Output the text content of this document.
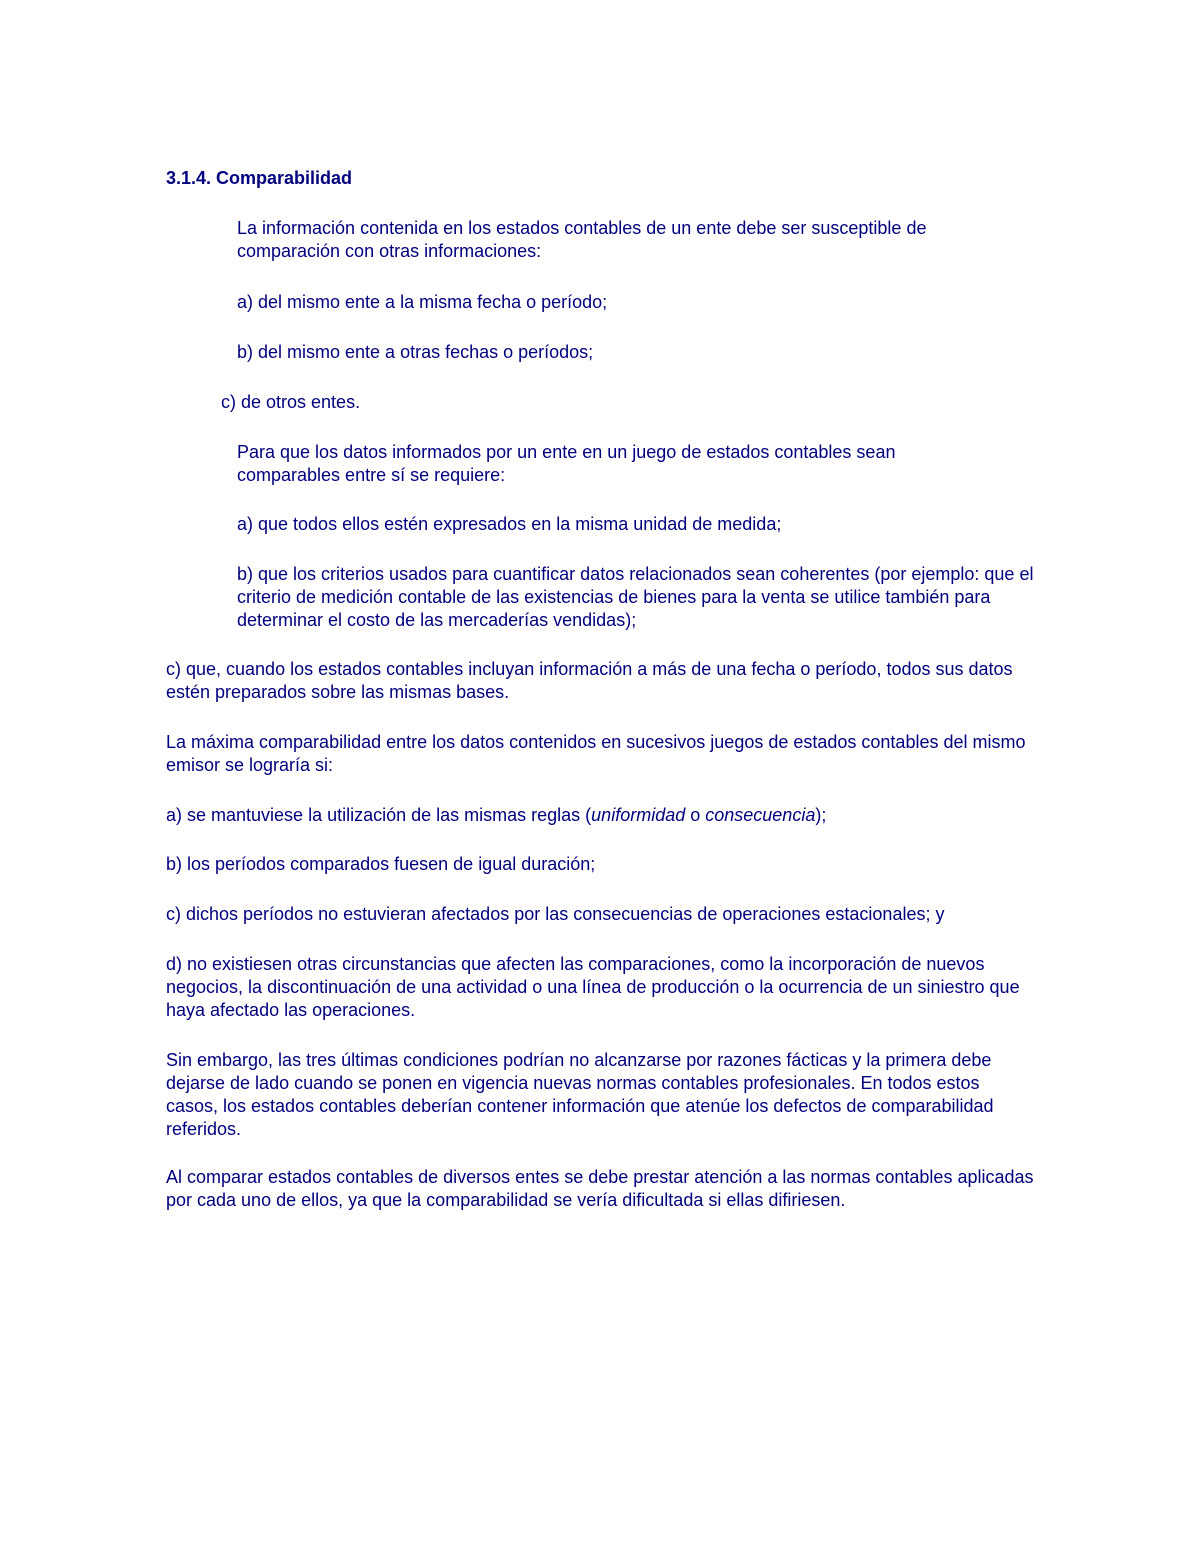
3.1.4. Comparabilidad

La información contenida en los estados contables de un ente debe ser susceptible de comparación con otras informaciones:

a) del mismo ente a la misma fecha o período;

b) del mismo ente a otras fechas o períodos;

c) de otros entes.

Para que los datos informados por un ente en un juego de estados contables sean comparables entre sí se requiere:

a) que todos ellos estén expresados en la misma unidad de medida;

b) que los criterios usados para cuantificar datos relacionados sean coherentes (por ejemplo: que el criterio de medición contable de las existencias de bienes para la venta se utilice también para determinar el costo de las mercaderías vendidas);

c) que, cuando los estados contables incluyan información a más de una fecha o período, todos sus datos estén preparados sobre las mismas bases.

La máxima comparabilidad entre los datos contenidos en sucesivos juegos de estados contables del mismo emisor se lograría si:

a) se mantuviese la utilización de las mismas reglas (uniformidad o consecuencia);

b) los períodos comparados fuesen de igual duración;

c) dichos períodos no estuvieran afectados por las consecuencias de operaciones estacionales; y

d) no existiesen otras circunstancias que afecten las comparaciones, como la incorporación de nuevos negocios, la discontinuación de una actividad o una línea de producción o la ocurrencia de un siniestro que haya afectado las operaciones.

Sin embargo, las tres últimas condiciones podrían no alcanzarse por razones fácticas y la primera debe dejarse de lado cuando se ponen en vigencia nuevas normas contables profesionales. En todos estos casos, los estados contables deberían contener información que atenúe los defectos de comparabilidad referidos.

Al comparar estados contables de diversos entes se debe prestar atención a las normas contables aplicadas por cada uno de ellos, ya que la comparabilidad se vería dificultada si ellas difiriesen.
